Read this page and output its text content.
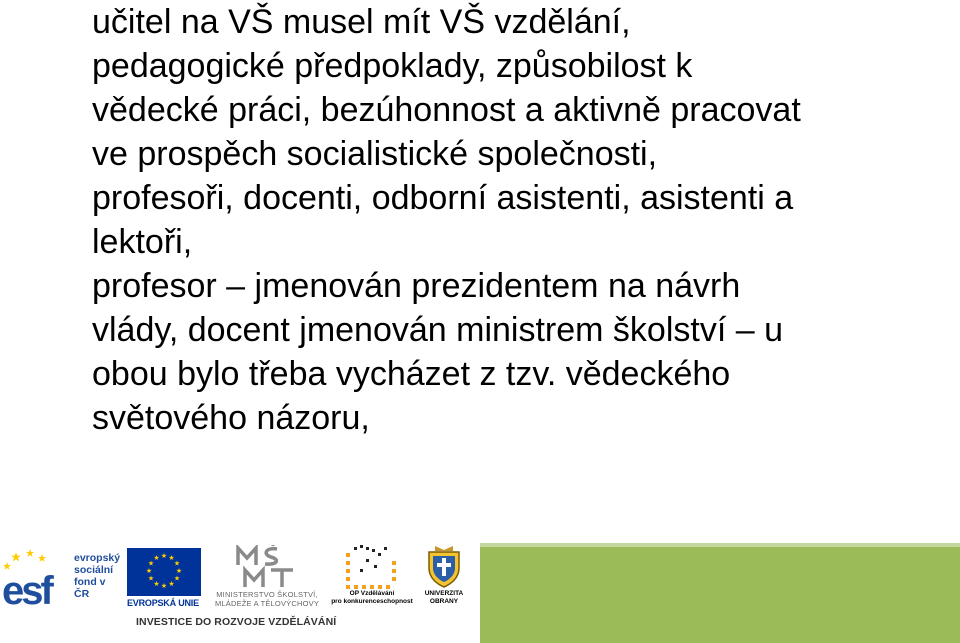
učitel na VŠ musel mít VŠ vzdělání,
pedagogické předpoklady, způsobilost k
vědecké práci, bezúhonnost a aktivně pracovat
ve prospěch socialistické společnosti,
profesoři, docenti, odborní asistenti, asistenti a
lektoři,
profesor – jmenován prezidentem na návrh
vlády, docent jmenován ministrem školství – u
obou bylo třeba vycházet z tzv. vědeckého
světového názoru,
esf
evropský
sociální
fond v ČR
★ ★
★
★
★
★
★
★
★
★
★
★
EVROPSKÁ UNIE
MINISTERSTVO ŠKOLSTVÍ,
MLÁDEŽE A TĚLOVÝCHOVY
OP Vzdělávání
pro konkurenceschopnost
UNIVERZITA
OBRANY
INVESTICE DO ROZVOJE VZDĚLÁVÁNÍ
